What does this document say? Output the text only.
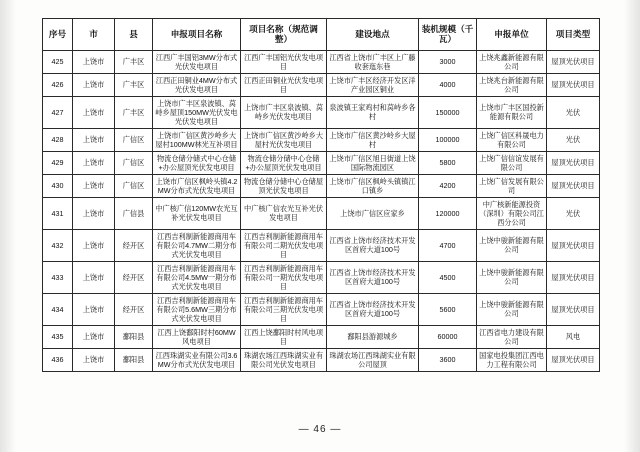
序号	市	县	申报项目名称	项目名称（规范调整）	建设地点	装机规模（千瓦）	申报单位	项目类型
425	上饶市	广丰区	江西广丰国铝3MW分布式光伏发电项目	江西广丰国铝光伏发电项目	江西省上饶市广丰区上广藤收套迤东巷	3000	上饶兆鑫新能源有限公司	屋顶光伏项目
426	上饶市	广丰区	江西正田铜业4MW分布式光伏发电项目	江西正田铜业光伏发电项目	上饶市广丰区经济开发区洋产业园区铜业	4000	上饶兆台新能源有限公司	屋顶光伏项目
427	上饶市	广丰区	上饶市广丰区泉波镇、莴峙乡屋顶150MW光伏发电光伏发电项目	上饶市广丰区泉波镇、莴峙乡光伏发电项目	泉波镇王家鸡村和莴峙乡各村	150000	上饶市广丰区国投新能源有限公司	光伏
428	上饶市	广信区	上饶市广信区黄沙岭乡大屋村100MW林光互补项目	上饶市广信区黄沙岭乡大屋村光伏发电项目	上饶市广信区黄沙岭乡大屋村	100000	上饶广信区科晟电力有限公司	光伏
429	上饶市	广信区	物流仓储分储式中心仓储+办公屋顶光伏发电项目	物流仓储分储中心仓储+办公屋顶光伏发电项目	上饶市广信区旭日街道上饶国际物流园区	5800	上饶广信信谊发展有限公司	屋顶光伏项目
430	上饶市	广信区	上饶市广信区枫岭头镇4.2MW分布式光伏发电项目	物流仓储分储中心仓储屋顶光伏发电项目	上饶市广信区枫岭头镇镇江口镇乡	4200	上饶广信发展有限公司	屋顶光伏项目
431	上饶市	广信县	中广核广信120MW农光互补光伏发电项目	中广核广信农光互补光伏发电项目	上饶市广信区应家乡	120000	中广核新能源投资（深圳）有限公司江西分公司	光伏
432	上饶市	经开区	江西吉利制新能源商用车有限公司4.7MW二期分布式光伏发电项目	江西吉利制新能源商用车有限公司二期光伏发电项目	江西省上饶市经济技术开发区首府大道100号	4700	上饶中骏新能源有限公司	屋顶光伏项目
433	上饶市	经开区	江西吉利制新能源商用车有限公司4.5MW一期分布式光伏发电项目	江西吉利制新能源商用车有限公司一期光伏发电项目	江西省上饶市经济技术开发区首府大道100号	4500	上饶中骏新能源有限公司	屋顶光伏项目
434	上饶市	经开区	江西吉利制新能源商用车有限公司5.6MW三期分布式光伏发电项目	江西吉利制新能源商用车有限公司三期光伏发电项目	江西省上饶市经济技术开发区首府大道100号	5600	上饶中骏新能源有限公司	屋顶光伏项目
435	上饶市	鄱阳县	江西上饶鄱阳时村60MW风电项目	江西上饶鄱阳时村风电项目	鄱阳县游源城乡	60000	江西省电力建设有限公司	风电
436	上饶市	鄱阳县	江西珠湖实业有限公司3.6MW分布式光伏发电项目	珠湖农场江西珠湖实业有限公司光伏发电项目	珠湖农场江西珠湖实业有限公司屋顶	3600	国家电投集团江西电力工程有限公司	屋顶光伏项目
— 46 —
